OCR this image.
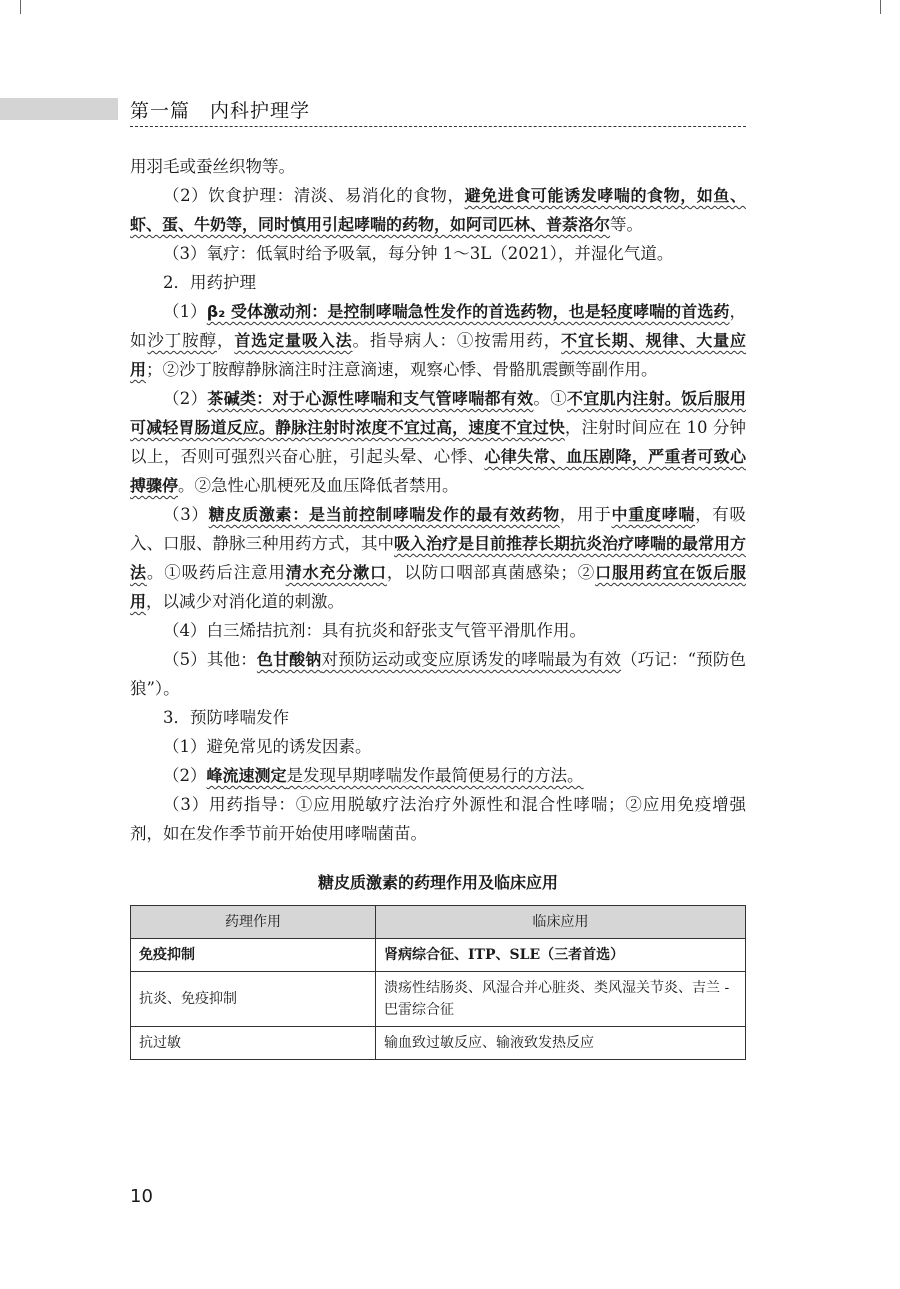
第一篇　内科护理学

用羽毛或蚕丝织物等。

（2）饮食护理：清淡、易消化的食物，避免进食可能诱发哮喘的食物，如鱼、虾、蛋、牛奶等，同时慎用引起哮喘的药物，如阿司匹林、普萘洛尔等。

（3）氧疗：低氧时给予吸氧，每分钟 1～3L（2021），并湿化气道。

2．用药护理

（1）β₂ 受体激动剂：是控制哮喘急性发作的首选药物，也是轻度哮喘的首选药，如沙丁胺醇，首选定量吸入法。指导病人：①按需用药，不宜长期、规律、大量应用；②沙丁胺醇静脉滴注时注意滴速，观察心悸、骨骼肌震颤等副作用。

（2）茶碱类：对于心源性哮喘和支气管哮喘都有效。①不宜肌内注射。饭后服用可减轻胃肠道反应。静脉注射时浓度不宜过高，速度不宜过快，注射时间应在 10 分钟以上，否则可强烈兴奋心脏，引起头晕、心悸、心律失常、血压剧降，严重者可致心搏骤停。②急性心肌梗死及血压降低者禁用。

（3）糖皮质激素：是当前控制哮喘发作的最有效药物，用于中重度哮喘，有吸入、口服、静脉三种用药方式，其中吸入治疗是目前推荐长期抗炎治疗哮喘的最常用方法。①吸药后注意用清水充分漱口，以防口咽部真菌感染；②口服用药宜在饭后服用，以减少对消化道的刺激。

（4）白三烯拮抗剂：具有抗炎和舒张支气管平滑肌作用。

（5）其他：色甘酸钠对预防运动或变应原诱发的哮喘最为有效（巧记：“预防色狼”）。

3．预防哮喘发作

（1）避免常见的诱发因素。

（2）峰流速测定是发现早期哮喘发作最简便易行的方法。

（3）用药指导：①应用脱敏疗法治疗外源性和混合性哮喘；②应用免疫增强剂，如在发作季节前开始使用哮喘菌苗。

糖皮质激素的药理作用及临床应用
药理作用	临床应用
免疫抑制	肾病综合征、ITP、SLE（三者首选）
抗炎、免疫抑制	溃疡性结肠炎、风湿合并心脏炎、类风湿关节炎、吉兰 - 巴雷综合征
抗过敏	输血致过敏反应、输液致发热反应
10
